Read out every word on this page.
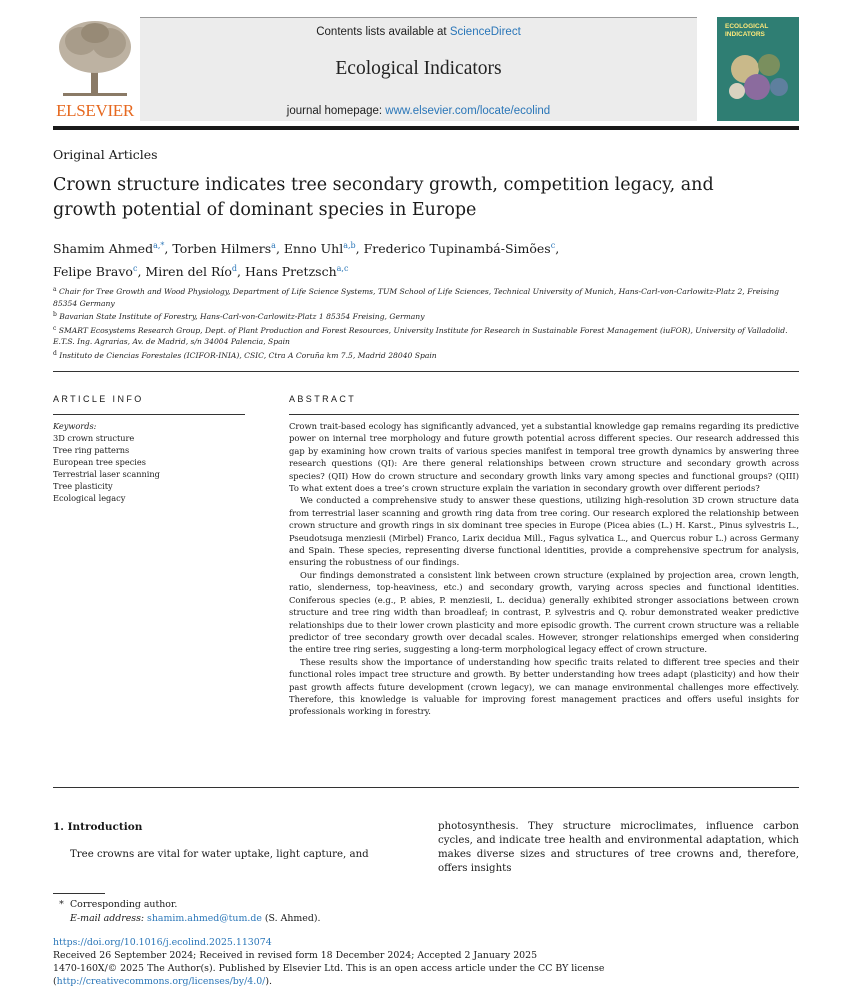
ELSEVIER
Contents lists available at ScienceDirect
Ecological Indicators
journal homepage: www.elsevier.com/locate/ecolind
ECOLOGICAL INDICATORS
Original Articles
Crown structure indicates tree secondary growth, competition legacy, and growth potential of dominant species in Europe
Shamim Ahmed$^{a,*}$, Torben Hilmers$^a$, Enno Uhl$^{a,b}$, Frederico Tupinambá-Simões$^c$,
Felipe Bravo$^c$, Miren del Río$^d$, Hans Pretzsch$^{a,c}$
$^a$ Chair for Tree Growth and Wood Physiology, Department of Life Science Systems, TUM School of Life Sciences, Technical University of Munich, Hans-Carl-von-Carlowitz-Platz 2, Freising 85354 Germany
$^b$ Bavarian State Institute of Forestry, Hans-Carl-von-Carlowitz-Platz 1 85354 Freising, Germany
$^c$ SMART Ecosystems Research Group, Dept. of Plant Production and Forest Resources, University Institute for Research in Sustainable Forest Management (iuFOR), University of Valladolid. E.T.S. Ing. Agrarias, Av. de Madrid, s/n 34004 Palencia, Spain
$^d$ Instituto de Ciencias Forestales (ICIFOR-INIA), CSIC, Ctra A Coruña km 7.5, Madrid 28040 Spain
ARTICLE INFO	ABSTRACT
Keywords:
3D crown structure
Tree ring patterns
European tree species
Terrestrial laser scanning
Tree plasticity
Ecological legacy

Crown trait-based ecology has significantly advanced, yet a substantial knowledge gap remains regarding its predictive power on internal tree morphology and future growth potential across different species. Our research addressed this gap by examining how crown traits of various species manifest in temporal tree growth dynamics by answering three research questions (QI): Are there general relationships between crown structure and secondary growth across species? (QII) How do crown structure and secondary growth links vary among species and functional groups? (QIII) To what extent does a tree’s crown structure explain the variation in secondary growth over different periods?

We conducted a comprehensive study to answer these questions, utilizing high-resolution 3D crown structure data from terrestrial laser scanning and growth ring data from tree coring. Our research explored the relationship between crown structure and growth rings in six dominant tree species in Europe (Picea abies (L.) H. Karst., Pinus sylvestris L., Pseudotsuga menziesii (Mirbel) Franco, Larix decidua Mill., Fagus sylvatica L., and Quercus robur L.) across Germany and Spain. These species, representing diverse functional identities, provide a comprehensive spectrum for analysis, ensuring the robustness of our findings.

Our findings demonstrated a consistent link between crown structure (explained by projection area, crown length, ratio, slenderness, top-heaviness, etc.) and secondary growth, varying across species and functional identities. Coniferous species (e.g., P. abies, P. menziesii, L. decidua) generally exhibited stronger associations between crown structure and tree ring width than broadleaf; in contrast, P. sylvestris and Q. robur demonstrated weaker predictive relationships due to their lower crown plasticity and more episodic growth. The current crown structure was a reliable predictor of tree secondary growth over decadal scales. However, stronger relationships emerged when considering the entire tree ring series, suggesting a long-term morphological legacy effect of crown structure.

These results show the importance of understanding how specific traits related to different tree species and their functional roles impact tree structure and growth. By better understanding how trees adapt (plasticity) and how their past growth affects future development (crown legacy), we can manage environmental challenges more effectively. Therefore, this knowledge is valuable for improving forest management practices and offers useful insights for professionals working in forestry.

1. Introduction
Tree crowns are vital for water uptake, light capture, and
photosynthesis. They structure microclimates, influence carbon cycles, and indicate tree health and environmental adaptation, which makes diverse sizes and structures of tree crowns and, therefore, offers insights
* Corresponding author.
E-mail address: shamim.ahmed@tum.de (S. Ahmed).
https://doi.org/10.1016/j.ecolind.2025.113074
Received 26 September 2024; Received in revised form 18 December 2024; Accepted 2 January 2025
1470-160X/© 2025 The Author(s). Published by Elsevier Ltd. This is an open access article under the CC BY license (http://creativecommons.org/licenses/by/4.0/).
